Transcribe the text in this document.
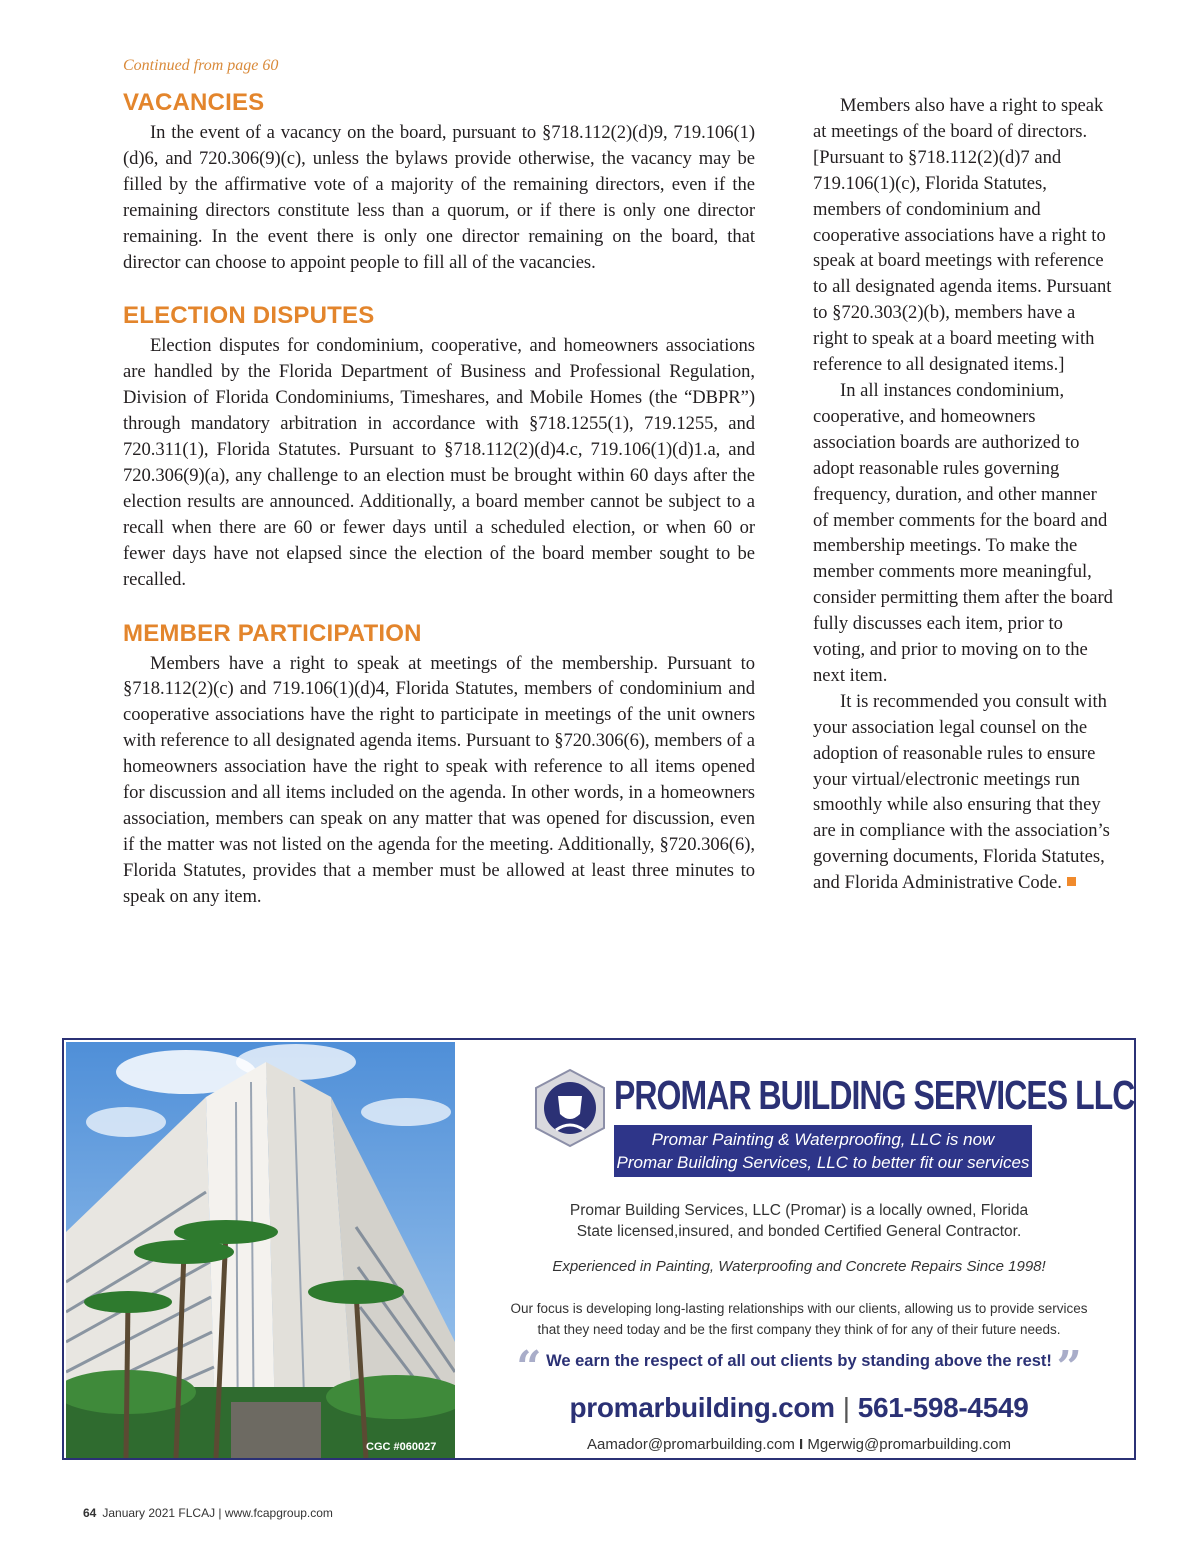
Continued from page 60
VACANCIES

In the event of a vacancy on the board, pursuant to §718.112(2)(d)9, 719.106(1)(d)6, and 720.306(9)(c), unless the bylaws provide otherwise, the vacancy may be filled by the affirmative vote of a majority of the remaining directors, even if the remaining directors constitute less than a quorum, or if there is only one director remaining. In the event there is only one director remaining on the board, that director can choose to appoint people to fill all of the vacancies.

ELECTION DISPUTES

Election disputes for condominium, cooperative, and homeowners associations are handled by the Florida Department of Business and Professional Regulation, Division of Florida Condominiums, Timeshares, and Mobile Homes (the “DBPR”) through mandatory arbitration in accordance with §718.1255(1), 719.1255, and 720.311(1), Florida Statutes. Pursuant to §718.112(2)(d)4.c, 719.106(1)(d)1.a, and 720.306(9)(a), any challenge to an election must be brought within 60 days after the election results are announced. Additionally, a board member cannot be subject to a recall when there are 60 or fewer days until a scheduled election, or when 60 or fewer days have not elapsed since the election of the board member sought to be recalled.

MEMBER PARTICIPATION

Members have a right to speak at meetings of the membership. Pursuant to §718.112(2)(c) and 719.106(1)(d)4, Florida Statutes, members of condominium and cooperative associations have the right to participate in meetings of the unit owners with reference to all designated agenda items. Pursuant to §720.306(6), members of a homeowners association have the right to speak with reference to all items opened for discussion and all items included on the agenda. In other words, in a homeowners association, members can speak on any matter that was opened for discussion, even if the matter was not listed on the agenda for the meeting. Additionally, §720.306(6), Florida Statutes, provides that a member must be allowed at least three minutes to speak on any item.

Members also have a right to speak at meetings of the board of directors. [Pursuant to §718.112(2)(d)7 and 719.106(1)(c), Florida Statutes, members of condominium and cooperative associations have a right to speak at board meetings with reference to all designated agenda items. Pursuant to §720.303(2)(b), members have a right to speak at a board meeting with reference to all designated items.]

In all instances condominium, cooperative, and homeowners association boards are authorized to adopt reasonable rules governing frequency, duration, and other manner of member comments for the board and membership meetings. To make the member comments more meaningful, consider permitting them after the board fully discusses each item, prior to voting, and prior to moving on to the next item.

It is recommended you consult with your association legal counsel on the adoption of reasonable rules to ensure your virtual/electronic meetings run smoothly while also ensuring that they are in compliance with the association’s governing documents, Florida Statutes, and Florida Administrative Code.

CGC #060027
PROMAR BUILDING SERVICES LLC
Promar Painting & Waterproofing, LLC is now
Promar Building Services, LLC to better fit our services
Promar Building Services, LLC (Promar) is a locally owned, Florida
State licensed,insured, and bonded Certified General Contractor.
Experienced in Painting, Waterproofing and Concrete Repairs Since 1998!
Our focus is developing long-lasting relationships with our clients, allowing us to provide services
that they need today and be the first company they think of for any of their future needs.
“ We earn the respect of all out clients by standing above the rest! ”
promarbuilding.com | 561-598-4549
Aamador@promarbuilding.com I Mgerwig@promarbuilding.com
64 January 2021 FLCAJ | www.fcapgroup.com
